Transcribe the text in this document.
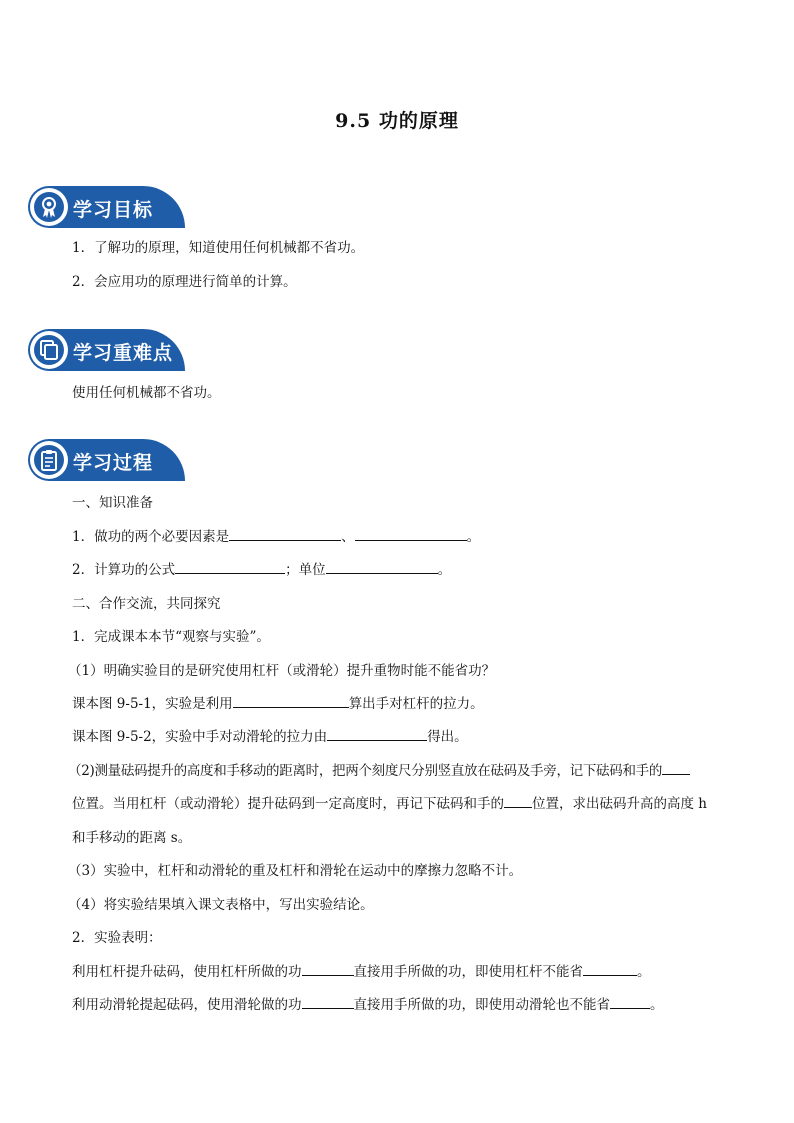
9.5 功的原理
学习目标
1．了解功的原理，知道使用任何机械都不省功。
2．会应用功的原理进行简单的计算。
学习重难点
使用任何机械都不省功。
学习过程
一、知识准备
1．做功的两个必要因素是	、	。
2．计算功的公式	；单位	。
二、合作交流，共同探究
1．完成课本本节“观察与实验”。
（1）明确实验目的是研究使用杠杆（或滑轮）提升重物时能不能省功？
课本图 9-5-1，实验是利用	算出手对杠杆的拉力。
课本图 9-5-2，实验中手对动滑轮的拉力由	得出。
（2)测量砝码提升的高度和手移动的距离时，把两个刻度尺分别竖直放在砝码及手旁，记下砝码和手的
位置。当用杠杆（或动滑轮）提升砝码到一定高度时，再记下砝码和手的 位置，求出砝码升高的高度 h
和手移动的距离 s。
（3）实验中，杠杆和动滑轮的重及杠杆和滑轮在运动中的摩擦力忽略不计。
（4）将实验结果填入课文表格中，写出实验结论。
2．实验表明：
利用杠杆提升砝码，使用杠杆所做的功	直接用手所做的功，即使用杠杆不能省	。
利用动滑轮提起砝码，使用滑轮做的功	直接用手所做的功，即使用动滑轮也不能省	。
